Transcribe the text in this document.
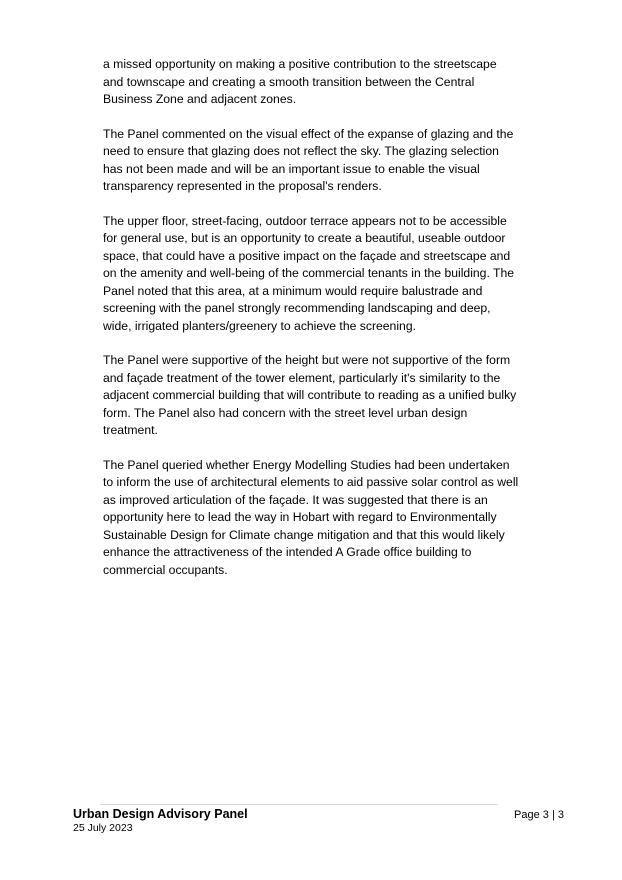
a missed opportunity on making a positive contribution to the streetscape
and townscape and creating a smooth transition between the Central
Business Zone and adjacent zones.

The Panel commented on the visual effect of the expanse of glazing and the
need to ensure that glazing does not reflect the sky. The glazing selection
has not been made and will be an important issue to enable the visual
transparency represented in the proposal's renders.

The upper floor, street-facing, outdoor terrace appears not to be accessible
for general use, but is an opportunity to create a beautiful, useable outdoor
space, that could have a positive impact on the façade and streetscape and
on the amenity and well-being of the commercial tenants in the building. The
Panel noted that this area, at a minimum would require balustrade and
screening with the panel strongly recommending landscaping and deep,
wide, irrigated planters/greenery to achieve the screening.

The Panel were supportive of the height but were not supportive of the form
and façade treatment of the tower element, particularly it's similarity to the
adjacent commercial building that will contribute to reading as a unified bulky
form. The Panel also had concern with the street level urban design
treatment.

The Panel queried whether Energy Modelling Studies had been undertaken
to inform the use of architectural elements to aid passive solar control as well
as improved articulation of the façade. It was suggested that there is an
opportunity here to lead the way in Hobart with regard to Environmentally
Sustainable Design for Climate change mitigation and that this would likely
enhance the attractiveness of the intended A Grade office building to
commercial occupants.

Urban Design Advisory Panel
25 July 2023
Page 3 | 3
